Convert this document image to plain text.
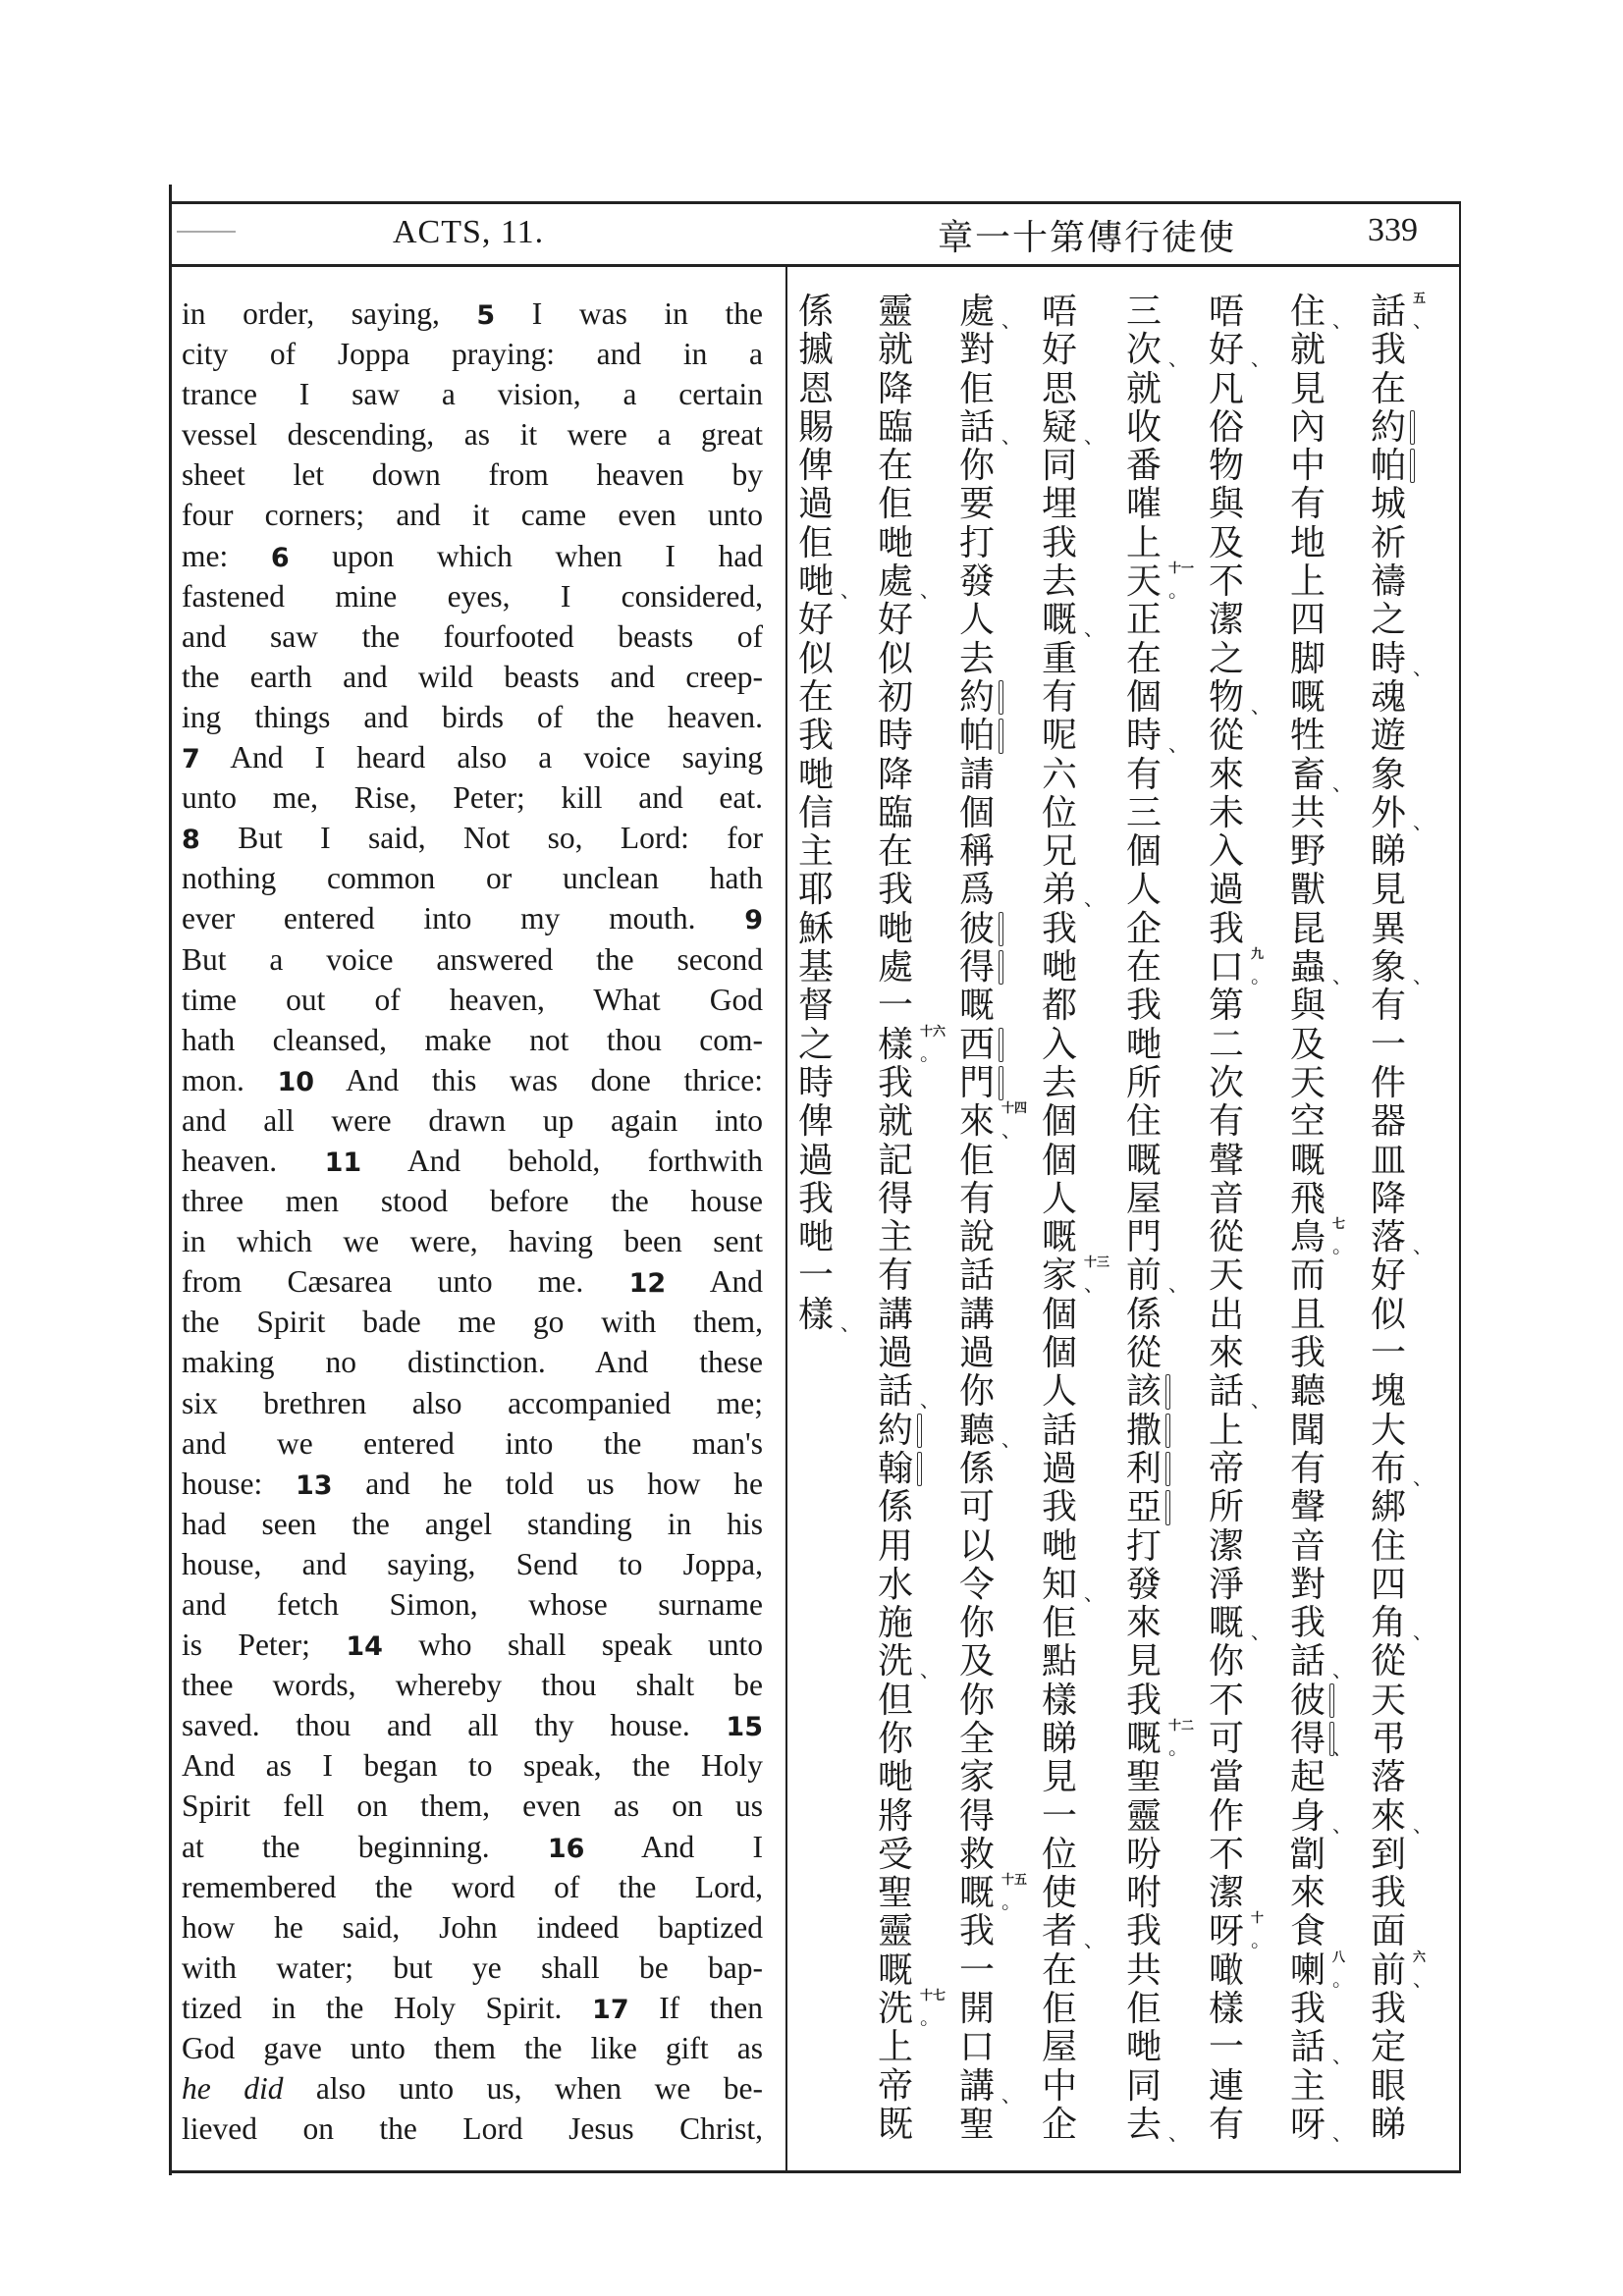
ACTS, 11.	章一十第傳行徒使	339
in order, saying, 5 I was in the
city of Joppa praying: and in a
trance I saw a vision, a certain
vessel descending, as it were a great
sheet let down from heaven by
four corners; and it came even unto
me: 6 upon which when I had
fastened mine eyes, I considered,
and saw the fourfooted beasts of
the earth and wild beasts and creep-
ing things and birds of the heaven.
7 And I heard also a voice saying
unto me, Rise, Peter; kill and eat.
8 But I said, Not so, Lord: for
nothing common or unclean hath
ever entered into my mouth. 9
But a voice answered the second
time out of heaven, What God
hath cleansed, make not thou com-
mon. 10 And this was done thrice:
and all were drawn up again into
heaven. 11 And behold, forthwith
three men stood before the house
in which we were, having been sent
from Cæsarea unto me. 12 And
the Spirit bade me go with them,
making no distinction. And these
six brethren also accompanied me;
and we entered into the man's
house: 13 and he told us how he
had seen the angel standing in his
house, and saying, Send to Joppa,
and fetch Simon, whose surname
is Peter; 14 who shall speak unto
thee words, whereby thou shalt be
saved. thou and all thy house. 15
And as I began to speak, the Holy
Spirit fell on them, even as on us
at the beginning. 16 And I
remembered the word of the Lord,
how he said, John indeed baptized
with water; but ye shall be bap-
tized in the Holy Spirit. 17 If then
God gave unto them the like gift as
he did also unto us, when we be-
lieved on the Lord Jesus Christ,
話 、
五
我
在
約
帕
城
祈
禱
之
時 、
魂
遊
象
外 、
睇
見
異
象 、
有
一
件
器
皿
降
落 、
好
似
一
塊
大
布 、
綁
住
四
角 、
從
天
弔
落
來 、
到
我
面
前 、
六
我
定
眼
睇
住 、
就
見
內
中
有
地
上
四
脚
嘅
牲
畜 、
共
野
獸
昆
蟲 、
與
及
天
空
嘅
飛
鳥 。
七
而
且
我
聽
聞
有
聲
音
對
我
話 、
彼
得 、
起
身 、
劏
來
食
喇 。
八
我
話 、
主
呀 、
唔
好 、
凡
俗
物
與
及
不
潔
之
物 、
從
來
未
入
過
我
口 。
九
第
二
次
有
聲
音
從
天
出
來
話 、
上
帝
所
潔
淨
嘅 、
你
不
可
當
作
不
潔
呀 。
十
噉
樣
一
連
有
三
次 、
就
收
番
嗺
上
天 。
十一
正
在
個
時 、
有
三
個
人
企
在
我
哋
所
住
嘅
屋
門
前 、
係
從
該
撒
利
亞
打
發
來
見
我
嘅 。
十二
聖
靈
吩
咐
我
共
佢
哋
同
去 、
唔
好
思
疑 、
同
埋
我
去
嘅 、
重
有
呢
六
位
兄
弟 、
我
哋
都
入
去
個
個
人
嘅
家 、
十三
個
個
人
話
過
我
哋
知 、
佢
點
樣
睇
見
一
位
使
者 、
在
佢
屋
中
企
處 、
對
佢
話 、
你
要
打
發
人
去
約
帕
請
個
稱
爲
彼
得
嘅
西
門
來 、
十四
佢
有
說
話
講
過
你
聽 、
係
可
以
令
你
及
你
全
家
得
救
嘅 。
十五
我
一
開
口
講 、
聖
靈
就
降
臨
在
佢
哋
處 、
好
似
初
時
降
臨
在
我
哋
處
一
樣 。
十六
我
就
記
得
主
有
講
過
話 、
約
翰
係
用
水
施
洗 、
但
你
哋
將
受
聖
靈
嘅
洗 。
十七
上
帝
既
係
摵
恩
賜
俾
過
佢
哋 、
好
似
在
我
哋
信
主
耶
穌
基
督
之
時
俾
過
我
哋
一
樣 、
